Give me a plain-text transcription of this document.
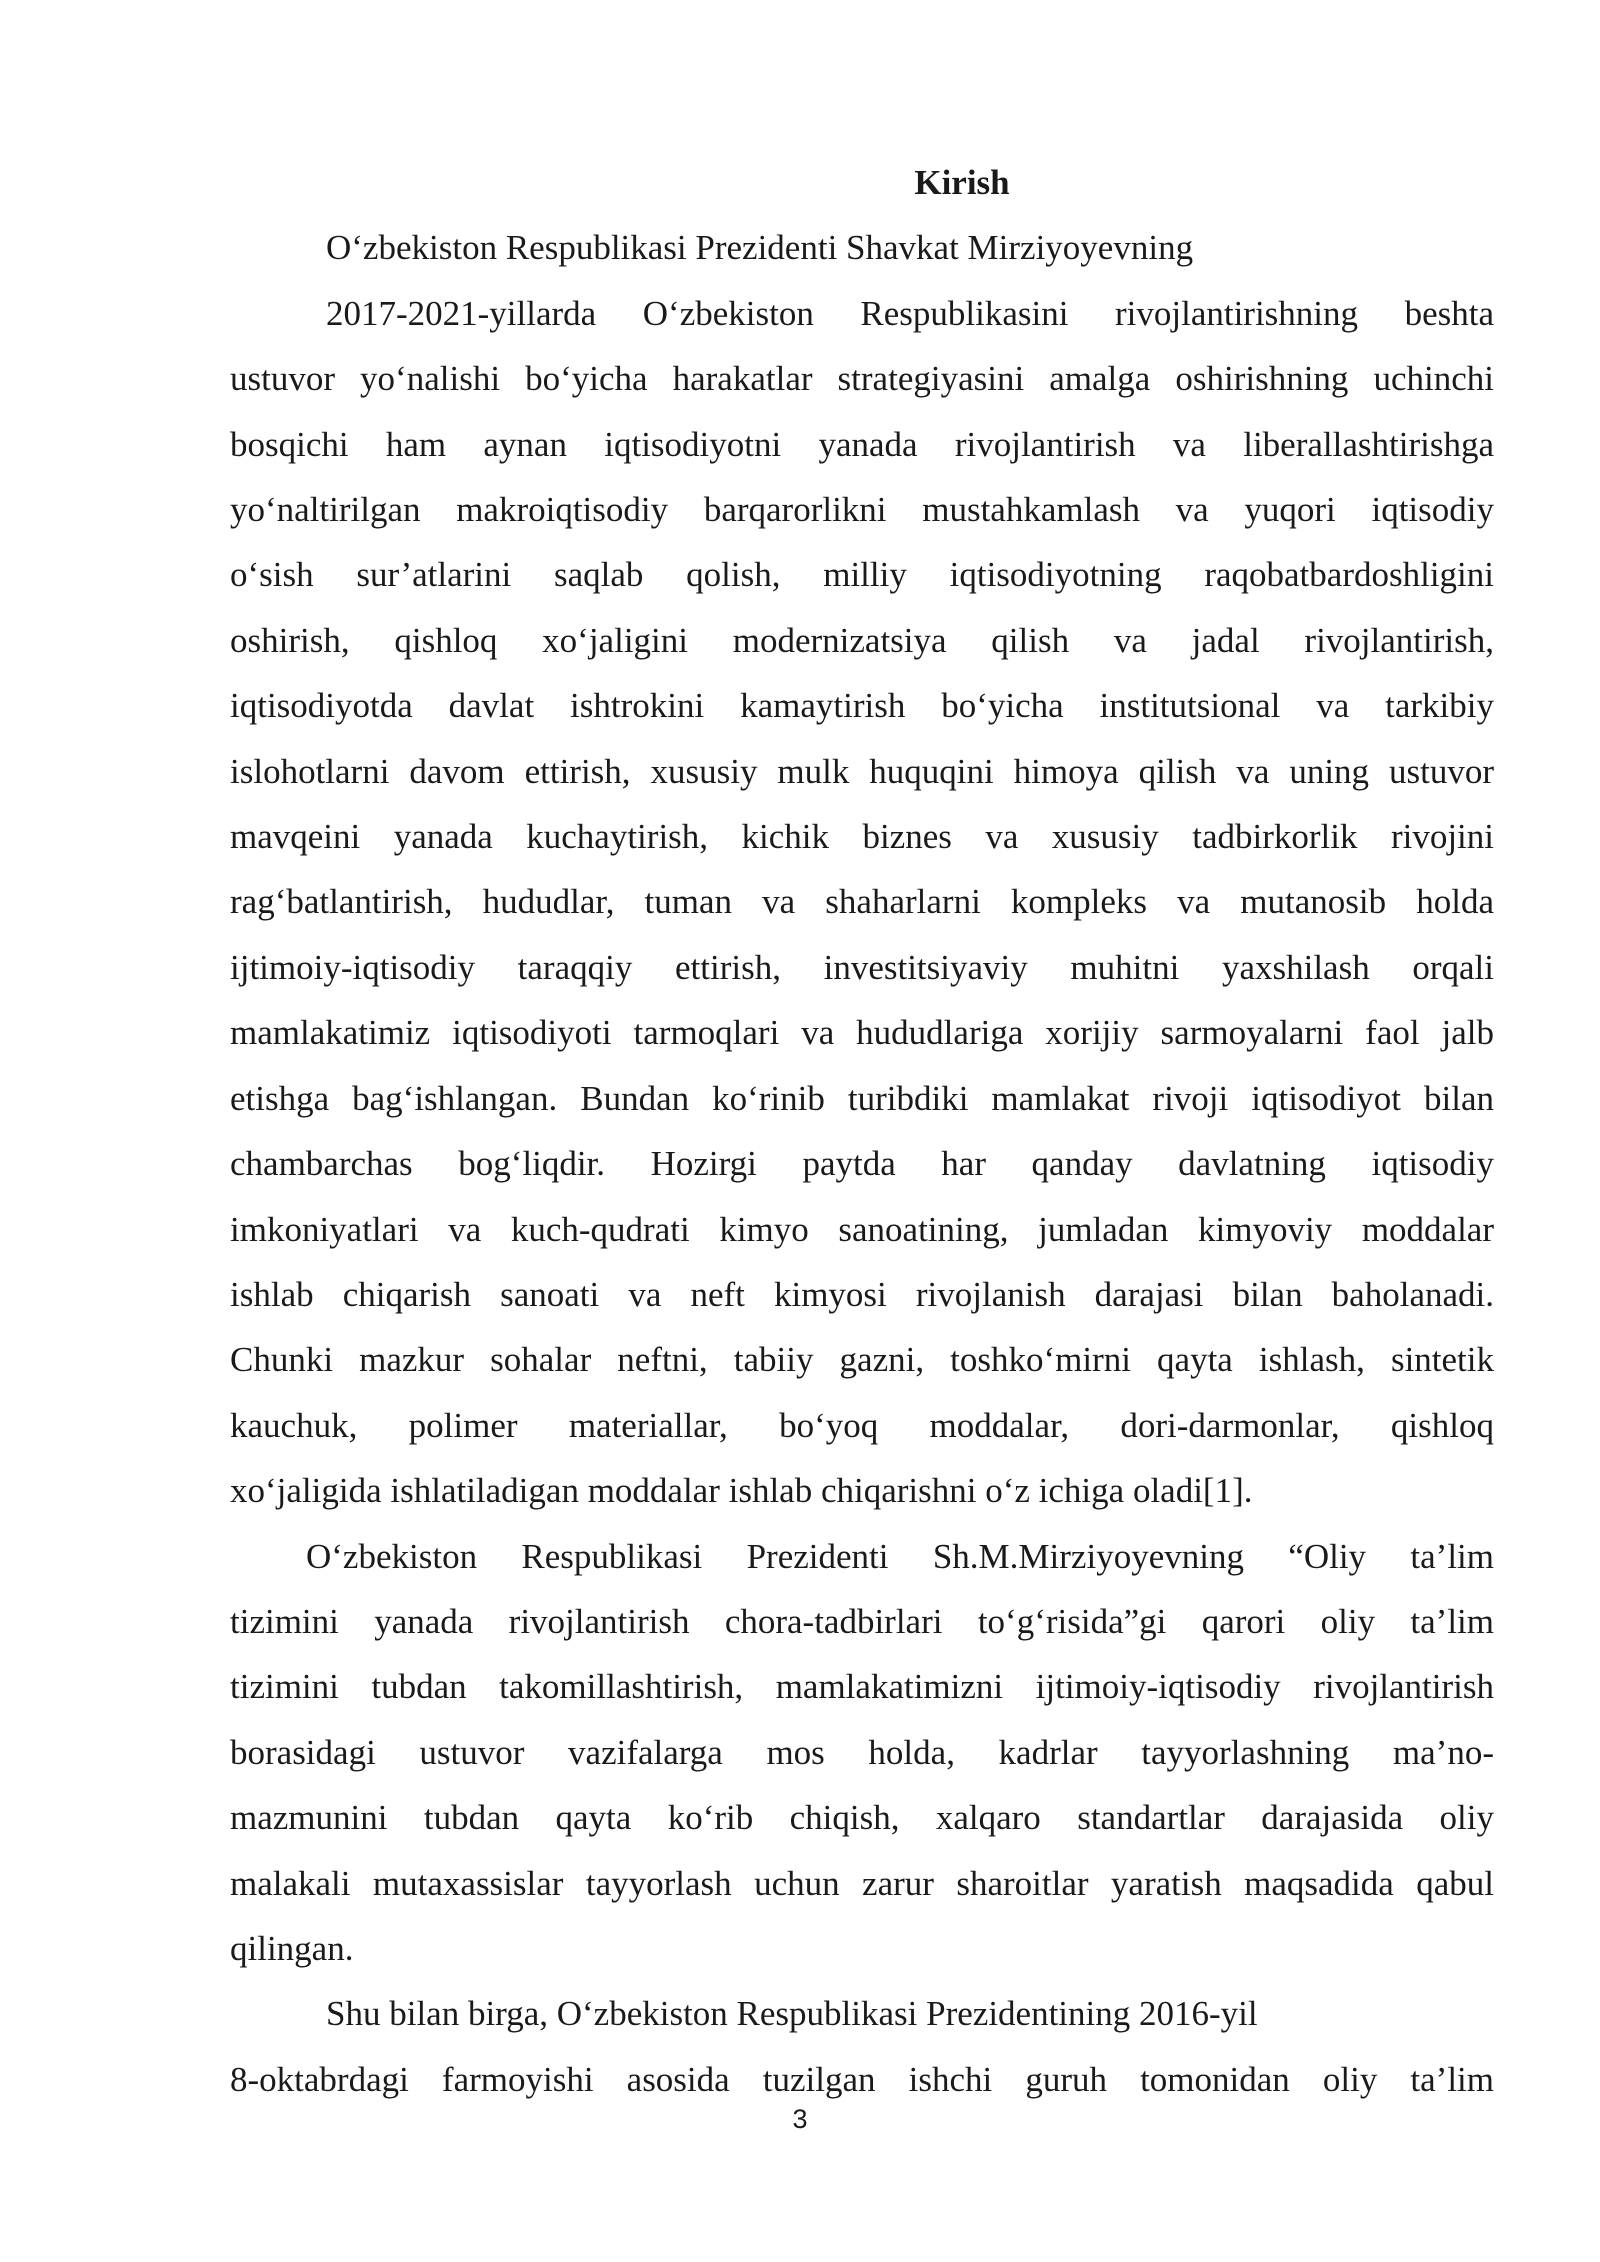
Kirish

O‘zbekiston Respublikasi Prezidenti Shavkat Mirziyoyevning

2017-2021-yillarda O‘zbekiston Respublikasini rivojlantirishning beshta

ustuvor yo‘nalishi bo‘yicha harakatlar strategiyasini amalga oshirishning uchinchi

bosqichi ham aynan iqtisodiyotni yanada rivojlantirish va liberallashtirishga

yo‘naltirilgan makroiqtisodiy barqarorlikni mustahkamlash va yuqori iqtisodiy

o‘sish sur’atlarini saqlab qolish, milliy iqtisodiyotning raqobatbardoshligini

oshirish, qishloq xo‘jaligini modernizatsiya qilish va jadal rivojlantirish,

iqtisodiyotda davlat ishtrokini kamaytirish bo‘yicha institutsional va tarkibiy

islohotlarni davom ettirish, xususiy mulk huquqini himoya qilish va uning ustuvor

mavqeini yanada kuchaytirish, kichik biznes va xususiy tadbirkorlik rivojini

rag‘batlantirish, hududlar, tuman va shaharlarni kompleks va mutanosib holda

ijtimoiy-iqtisodiy taraqqiy ettirish, investitsiyaviy muhitni yaxshilash orqali

mamlakatimiz iqtisodiyoti tarmoqlari va hududlariga xorijiy sarmoyalarni faol jalb

etishga bag‘ishlangan. Bundan ko‘rinib turibdiki mamlakat rivoji iqtisodiyot bilan

chambarchas bog‘liqdir. Hozirgi paytda har qanday davlatning iqtisodiy

imkoniyatlari va kuch-qudrati kimyo sanoatining, jumladan kimyoviy moddalar

ishlab chiqarish sanoati va neft kimyosi rivojlanish darajasi bilan baholanadi.

Chunki mazkur sohalar neftni, tabiiy gazni, toshko‘mirni qayta ishlash, sintetik

kauchuk, polimer materiallar, bo‘yoq moddalar, dori-darmonlar, qishloq

xo‘jaligida ishlatiladigan moddalar ishlab chiqarishni o‘z ichiga oladi[1].

O‘zbekiston Respublikasi Prezidenti Sh.M.Mirziyoyevning “Oliy ta’lim

tizimini yanada rivojlantirish chora-tadbirlari to‘g‘risida”gi qarori oliy ta’lim

tizimini tubdan takomillashtirish, mamlakatimizni ijtimoiy-iqtisodiy rivojlantirish

borasidagi ustuvor vazifalarga mos holda, kadrlar tayyorlashning ma’no-

mazmunini tubdan qayta ko‘rib chiqish, xalqaro standartlar darajasida oliy

malakali mutaxassislar tayyorlash uchun zarur sharoitlar yaratish maqsadida qabul

qilingan.

Shu bilan birga, O‘zbekiston Respublikasi Prezidentining 2016-yil

8-oktabrdagi farmoyishi asosida tuzilgan ishchi guruh tomonidan oliy ta’lim

3
